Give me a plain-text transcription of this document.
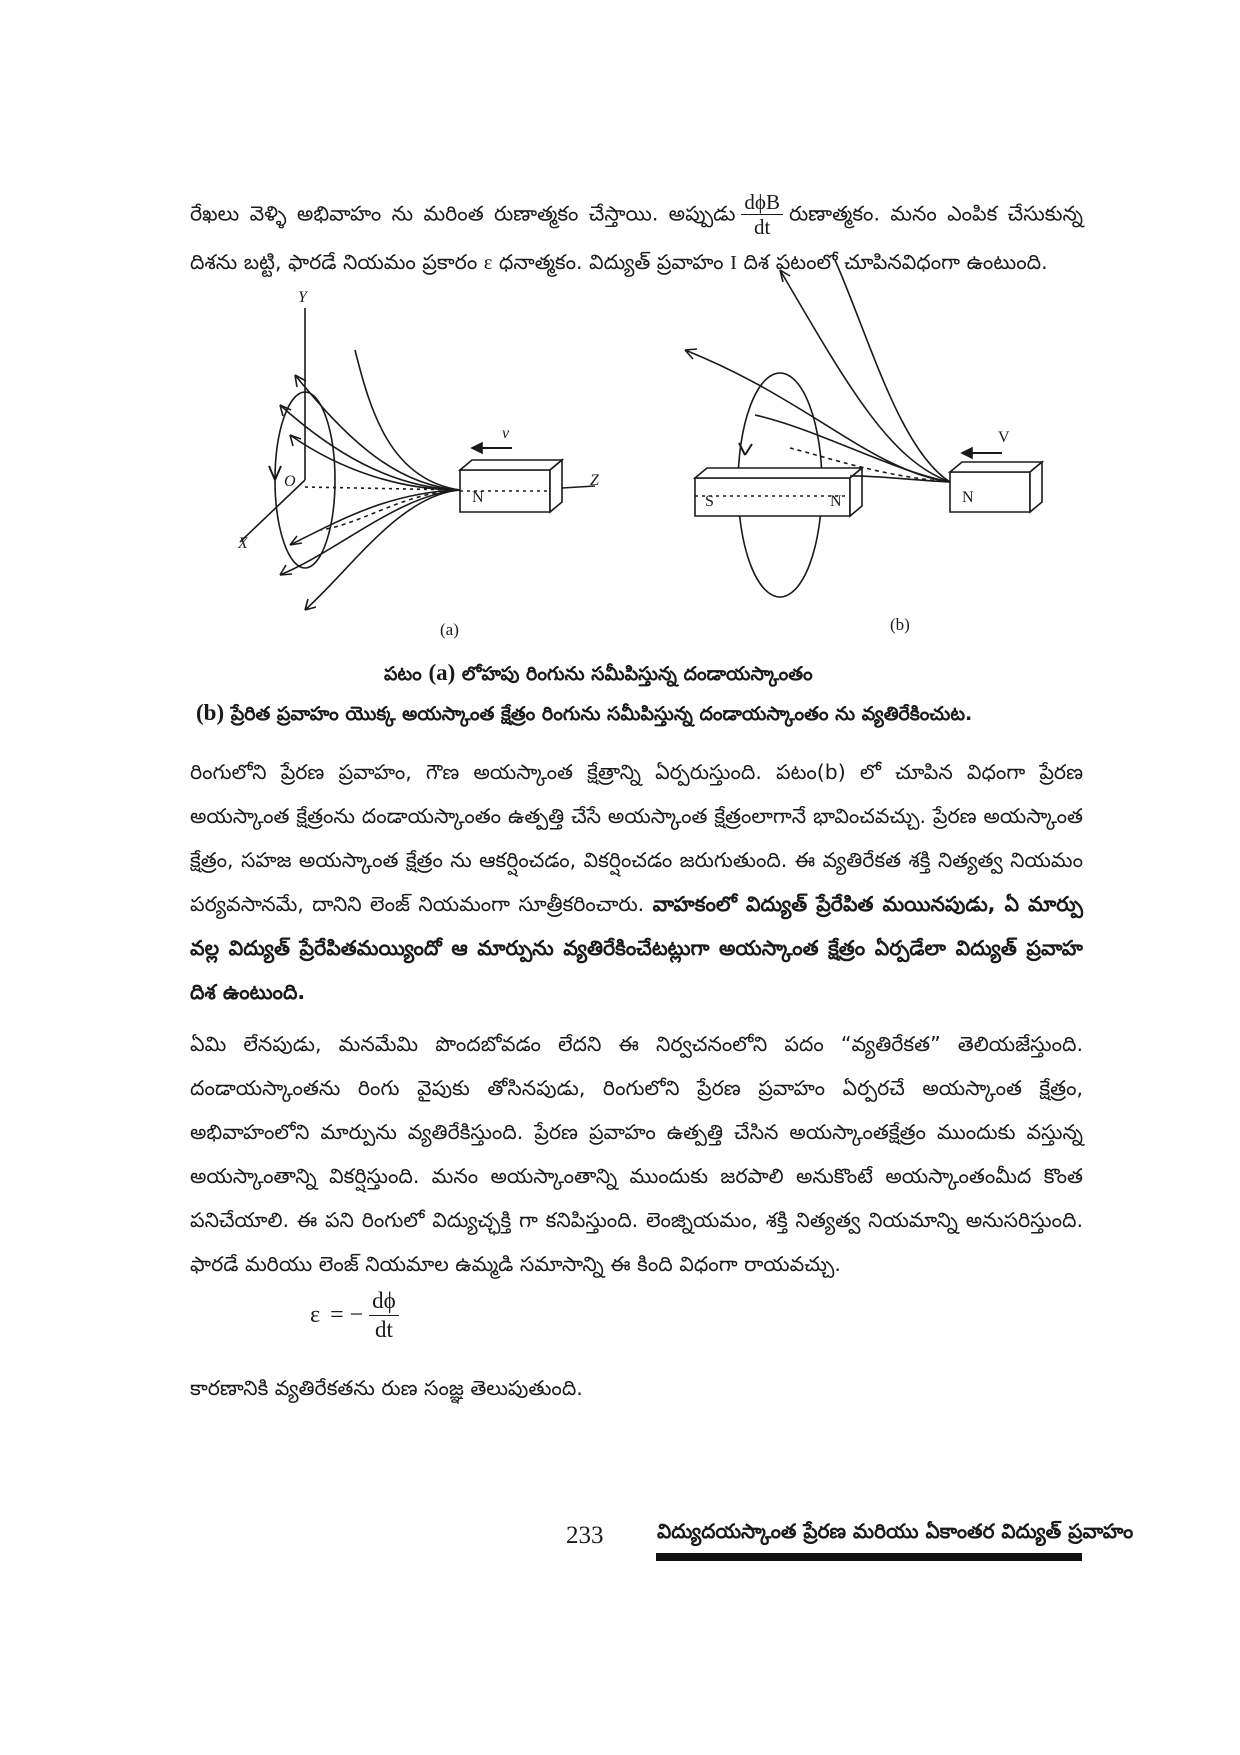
రేఖలు వెళ్ళి అభివాహం ను మరింత రుణాత్మకం చేస్తాయి. అప్పుడు $\frac{\text{dϕB}}{dt}$ రుణాత్మకం. మనం ఎంపిక చేసుకున్న దిశను బట్టి, ఫారడే నియమం ప్రకారం ε ధనాత్మకం. విద్యుత్ ప్రవాహం I దిశ పటంలో చూపినవిధంగా ఉంటుంది.

N
v
Y
X
Z
O
(a)
S	N	N
V
(b)

పటం (a) లోహపు రింగును సమీపిస్తున్న దండాయస్కాంతం

(b) ప్రేరిత ప్రవాహం యొక్క అయస్కాంత క్షేత్రం రింగును సమీపిస్తున్న దండాయస్కాంతం ను వ్యతిరేకించుట.

రింగులోని ప్రేరణ ప్రవాహం, గౌణ అయస్కాంత క్షేత్రాన్ని ఏర్పరుస్తుంది. పటం(b) లో చూపిన విధంగా ప్రేరణ అయస్కాంత క్షేత్రంను దండాయస్కాంతం ఉత్పత్తి చేసే అయస్కాంత క్షేత్రంలాగానే భావించవచ్చు. ప్రేరణ అయస్కాంత క్షేత్రం, సహజ అయస్కాంత క్షేత్రం ను ఆకర్షించడం, వికర్షించడం జరుగుతుంది. ఈ వ్యతిరేకత శక్తి నిత్యత్వ నియమం పర్యవసానమే, దానిని లెంజ్ నియమంగా సూత్రీకరించారు. వాహకంలో విద్యుత్ ప్రేరేపిత మయినపుడు, ఏ మార్పు వల్ల విద్యుత్ ప్రేరేపితమయ్యిందో ఆ మార్పును వ్యతిరేకించేటట్లుగా అయస్కాంత క్షేత్రం ఏర్పడేలా విద్యుత్ ప్రవాహ దిశ ఉంటుంది.

ఏమి లేనపుడు, మనమేమి పొందబోవడం లేదని ఈ నిర్వచనంలోని పదం “వ్యతిరేకత” తెలియజేస్తుంది. దండాయస్కాంతను రింగు వైపుకు తోసినపుడు, రింగులోని ప్రేరణ ప్రవాహం ఏర్పరచే అయస్కాంత క్షేత్రం, అభివాహంలోని మార్పును వ్యతిరేకిస్తుంది. ప్రేరణ ప్రవాహం ఉత్పత్తి చేసిన అయస్కాంతక్షేత్రం ముందుకు వస్తున్న అయస్కాంతాన్ని వికర్షిస్తుంది. మనం అయస్కాంతాన్ని ముందుకు జరపాలి అనుకొంటే అయస్కాంతంమీద కొంత పనిచేయాలి. ఈ పని రింగులో విద్యుచ్ఛక్తి గా కనిపిస్తుంది. లెంజ్నియమం, శక్తి నిత్యత్వ నియమాన్ని అనుసరిస్తుంది. ఫారడే మరియు లెంజ్ నియమాల ఉమ్మడి సమాసాన్ని ఈ కింది విధంగా రాయవచ్చు.

ε = − $\frac{d\phi}{dt}$

కారణానికి వ్యతిరేకతను రుణ సంజ్ఞ తెలుపుతుంది.

233	విద్యుదయస్కాంత ప్రేరణ మరియు ఏకాంతర విద్యుత్ ప్రవాహం
